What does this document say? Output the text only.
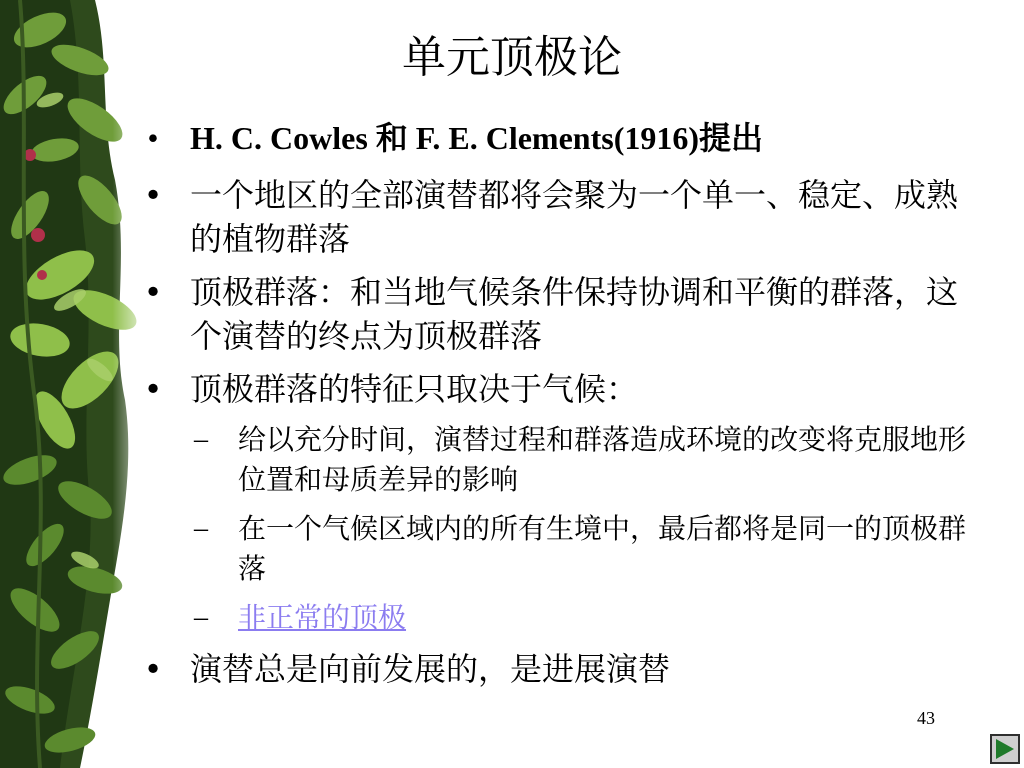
单元顶极论
• H. C. Cowles 和 F. E. Clements(1916)提出
• 一个地区的全部演替都将会聚为一个单一、稳定、成熟的植物群落
• 顶极群落：和当地气候条件保持协调和平衡的群落，这个演替的终点为顶极群落
• 顶极群落的特征只取决于气候：
– 给以充分时间，演替过程和群落造成环境的改变将克服地形位置和母质差异的影响
– 在一个气候区域内的所有生境中，最后都将是同一的顶极群落
– 非正常的顶极
• 演替总是向前发展的，是进展演替
43
